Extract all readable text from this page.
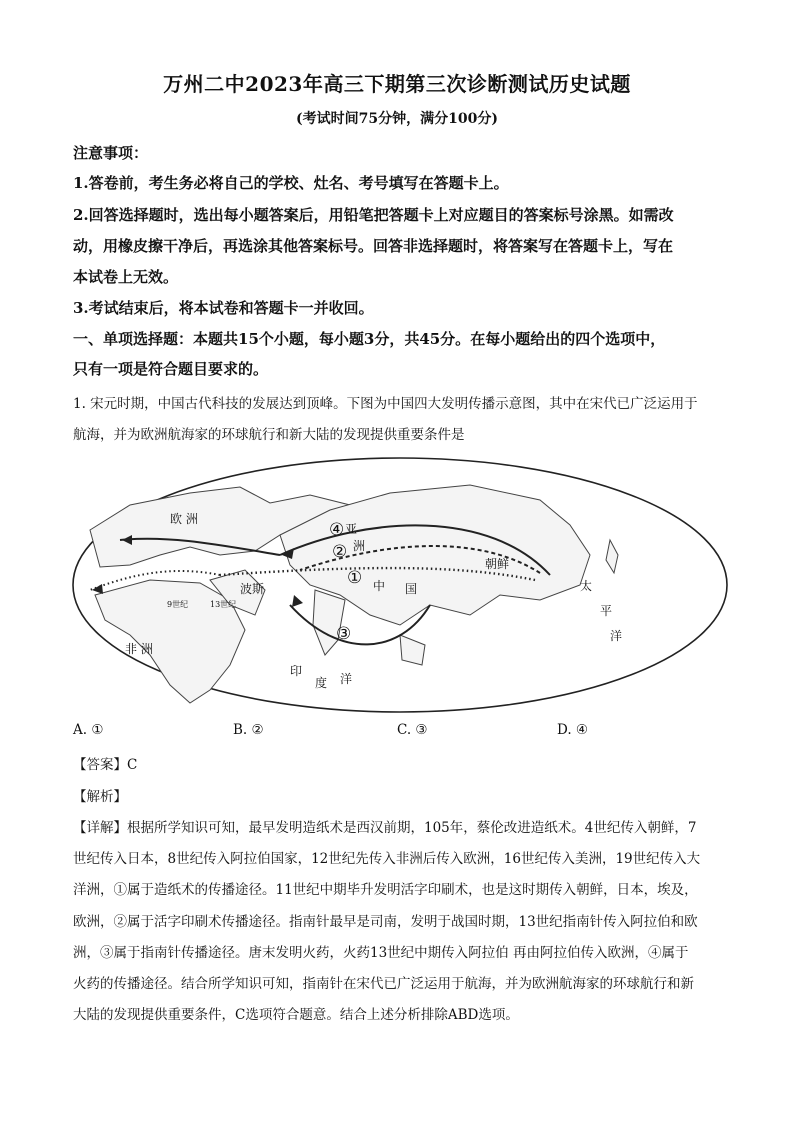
万州二中2023年高三下期第三次诊断测试历史试题
(考试时间75分钟，满分100分)
注意事项：
1.答卷前，考生务必将自己的学校、灶名、考号填写在答题卡上。
2.回答选择题时，选出每小题答案后，用铅笔把答题卡上对应题目的答案标号涂黑。如需改
动，用橡皮擦干净后，再选涂其他答案标号。回答非选择题时，将答案写在答题卡上，写在
本试卷上无效。
3.考试结束后，将本试卷和答题卡一并收回。
一、单项选择题：本题共15个小题，每小题3分，共45分。在每小题给出的四个选项中，
只有一项是符合题目要求的。
1. 宋元时期，中国古代科技的发展达到顶峰。下图为中国四大发明传播示意图，其中在宋代已广泛运用于
航海，并为欧洲航海家的环球航行和新大陆的发现提供重要条件是
④
②
①
③
欧 洲
亚
洲
非 洲
波斯	中 国
朝鲜
太
平
洋
印
度 洋
9世纪	13世纪
A. ①	B. ②	C. ③	D. ④
【答案】C
【解析】
【详解】根据所学知识可知，最早发明造纸术是西汉前期，105年，蔡伦改进造纸术。4世纪传入朝鲜，7
世纪传入日本，8世纪传入阿拉伯国家，12世纪先传入非洲后传入欧洲，16世纪传入美洲，19世纪传入大
洋洲，①属于造纸术的传播途径。11世纪中期毕升发明活字印刷术，也是这时期传入朝鲜，日本，埃及，
欧洲，②属于活字印刷术传播途径。指南针最早是司南，发明于战国时期，13世纪指南针传入阿拉伯和欧
洲，③属于指南针传播途径。唐末发明火药，火药13世纪中期传入阿拉伯 再由阿拉伯传入欧洲，④属于
火药的传播途径。结合所学知识可知，指南针在宋代已广泛运用于航海，并为欧洲航海家的环球航行和新
大陆的发现提供重要条件，C选项符合题意。结合上述分析排除ABD选项。
